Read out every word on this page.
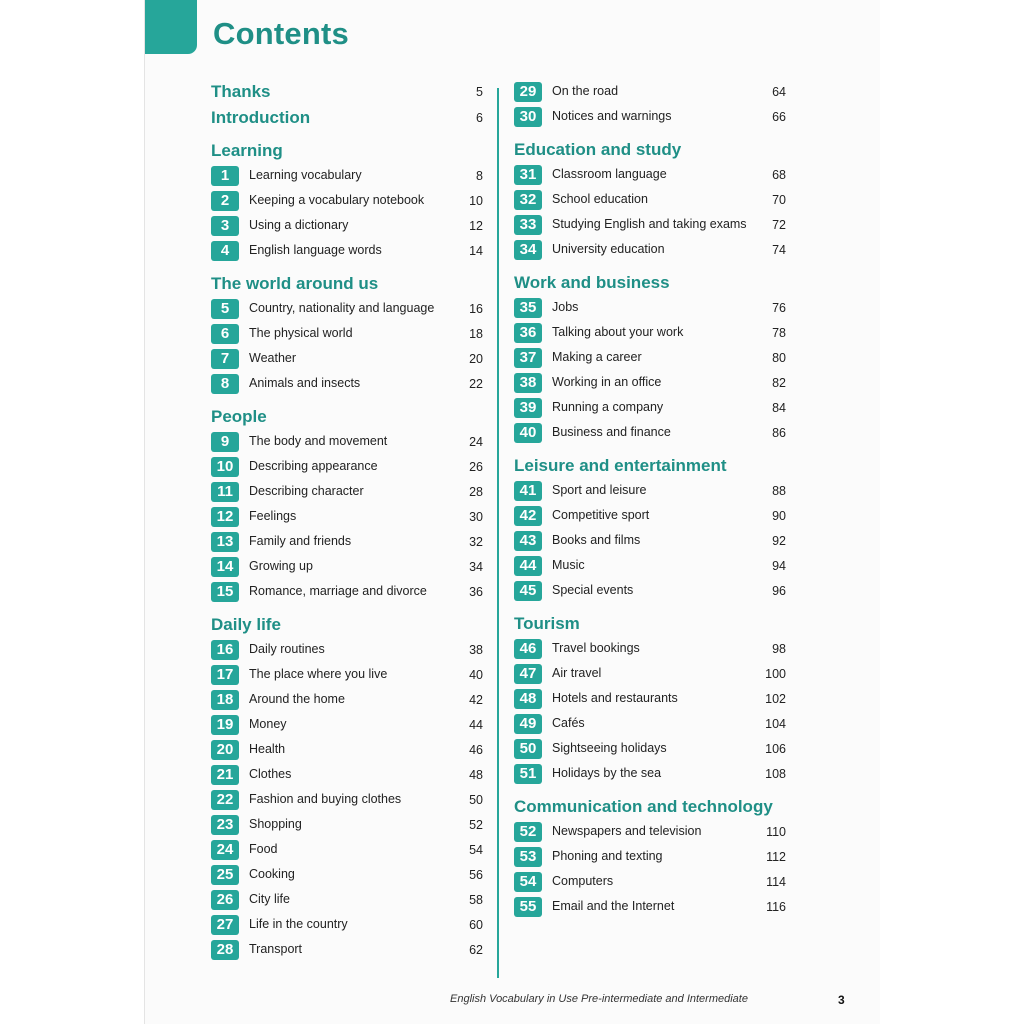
Contents
Thanks	5
Introduction	6
Learning
1	Learning vocabulary	8
2	Keeping a vocabulary notebook	10
3	Using a dictionary	12
4	English language words	14
The world around us
5	Country, nationality and language	16
6	The physical world	18
7	Weather	20
8	Animals and insects	22
People
9	The body and movement	24
10	Describing appearance	26
11	Describing character	28
12	Feelings	30
13	Family and friends	32
14	Growing up	34
15	Romance, marriage and divorce	36
Daily life
16	Daily routines	38
17	The place where you live	40
18	Around the home	42
19	Money	44
20	Health	46
21	Clothes	48
22	Fashion and buying clothes	50
23	Shopping	52
24	Food	54
25	Cooking	56
26	City life	58
27	Life in the country	60
28	Transport	62
29	On the road	64
30	Notices and warnings	66
Education and study
31	Classroom language	68
32	School education	70
33	Studying English and taking exams 72
34	University education	74
Work and business
35	Jobs	76
36	Talking about your work	78
37	Making a career	80
38	Working in an office	82
39	Running a company	84
40	Business and finance	86
Leisure and entertainment
41	Sport and leisure	88
42	Competitive sport	90
43	Books and films	92
44	Music	94
45	Special events	96
Tourism
46	Travel bookings	98
47	Air travel	100
48	Hotels and restaurants	102
49	Cafés	104
50	Sightseeing holidays	106
51	Holidays by the sea	108
Communication and technology
52	Newspapers and television	110
53	Phoning and texting	112
54	Computers	114
55	Email and the Internet	116
English Vocabulary in Use Pre-intermediate and Intermediate	3
